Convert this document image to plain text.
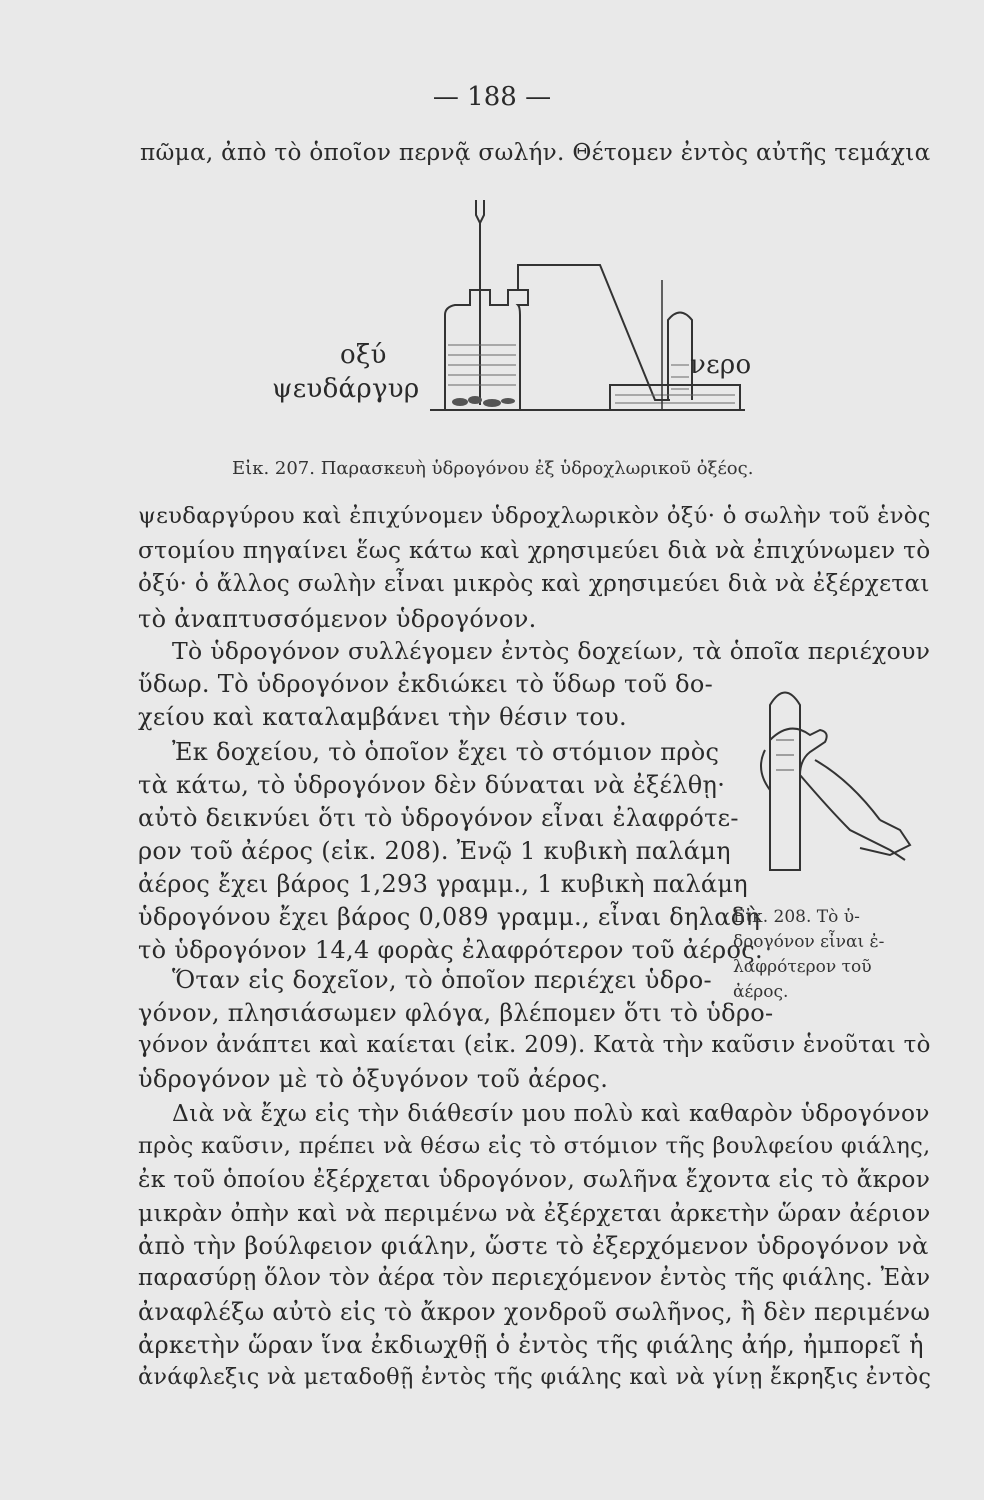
— 188 —
πῶμα, ἀπὸ τὸ ὁποῖον περνᾷ σωλήν. Θέτομεν ἐντὸς αὐτῆς τεμάχια
οξύ
ψευδάργυρ
νερο
Εἰκ. 207. Παρασκευὴ ὑδρογόνου ἐξ ὑδροχλωρικοῦ ὀξέος.
ψευδαργύρου καὶ ἐπιχύνομεν ὑδροχλωρικὸν ὀξύ· ὁ σωλὴν τοῦ ἑνὸς
στομίου πηγαίνει ἕως κάτω καὶ χρησιμεύει διὰ νὰ ἐπιχύνωμεν τὸ
ὀξύ· ὁ ἄλλος σωλὴν εἶναι μικρὸς καὶ χρησιμεύει διὰ νὰ ἐξέρχεται
τὸ ἀναπτυσσόμενον ὑδρογόνον.
Τὸ ὑδρογόνον συλλέγομεν ἐντὸς δοχείων, τὰ ὁποῖα περιέχουν
ὕδωρ. Τὸ ὑδρογόνον ἐκδιώκει τὸ ὕδωρ τοῦ δο-
χείου καὶ καταλαμβάνει τὴν θέσιν του.
Ἐκ δοχείου, τὸ ὁποῖον ἔχει τὸ στόμιον πρὸς
τὰ κάτω, τὸ ὑδρογόνον δὲν δύναται νὰ ἐξέλθῃ·
αὐτὸ δεικνύει ὅτι τὸ ὑδρογόνον εἶναι ἐλαφρότε-
ρον τοῦ ἀέρος (εἰκ. 208). Ἐνῷ 1 κυβικὴ παλάμη
ἀέρος ἔχει βάρος 1,293 γραμμ., 1 κυβικὴ παλάμη
ὑδρογόνου ἔχει βάρος 0,089 γραμμ., εἶναι δηλαδὴ
τὸ ὑδρογόνον 14,4 φορὰς ἐλαφρότερον τοῦ ἀέρος.
Εἰκ. 208. Τὸ ὑ-
δρογόνον εἶναι ἐ-
λαφρότερον τοῦ
ἀέρος.
Ὅταν εἰς δοχεῖον, τὸ ὁποῖον περιέχει ὑδρο-
γόνον, πλησιάσωμεν φλόγα, βλέπομεν ὅτι τὸ ὑδρο-
γόνον ἀνάπτει καὶ καίεται (εἰκ. 209). Κατὰ τὴν καῦσιν ἑνοῦται τὸ
ὑδρογόνον μὲ τὸ ὀξυγόνον τοῦ ἀέρος.
Διὰ νὰ ἔχω εἰς τὴν διάθεσίν μου πολὺ καὶ καθαρὸν ὑδρογόνον
πρὸς καῦσιν, πρέπει νὰ θέσω εἰς τὸ στόμιον τῆς βουλφείου φιάλης,
ἐκ τοῦ ὁποίου ἐξέρχεται ὑδρογόνον, σωλῆνα ἔχοντα εἰς τὸ ἄκρον
μικρὰν ὀπὴν καὶ νὰ περιμένω νὰ ἐξέρχεται ἀρκετὴν ὥραν ἀέριον
ἀπὸ τὴν βούλφειον φιάλην, ὥστε τὸ ἐξερχόμενον ὑδρογόνον νὰ
παρασύρῃ ὅλον τὸν ἀέρα τὸν περιεχόμενον ἐντὸς τῆς φιάλης. Ἐὰν
ἀναφλέξω αὐτὸ εἰς τὸ ἄκρον χονδροῦ σωλῆνος, ἢ δὲν περιμένω
ἀρκετὴν ὥραν ἵνα ἐκδιωχθῇ ὁ ἐντὸς τῆς φιάλης ἀήρ, ἠμπορεῖ ἡ
ἀνάφλεξις νὰ μεταδοθῇ ἐντὸς τῆς φιάλης καὶ νὰ γίνῃ ἔκρηξις ἐντὸς
